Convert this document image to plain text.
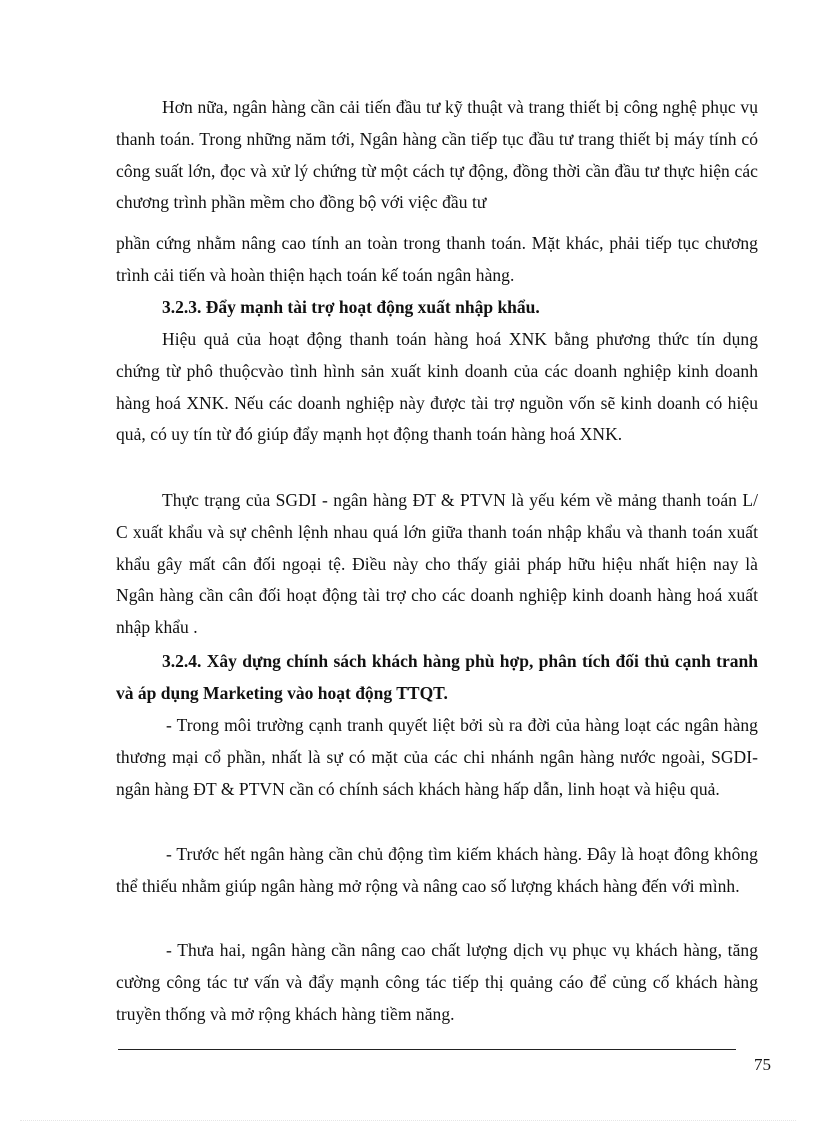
Hơn nữa, ngân hàng cần cải tiến đầu tư kỹ thuật và trang thiết bị công nghệ phục vụ thanh toán. Trong những năm tới, Ngân hàng cần tiếp tục đầu tư trang thiết bị máy tính có công suất lớn, đọc và xử lý chứng từ một cách tự động, đồng thời cần đầu tư thực hiện các chương trình phần mềm cho đồng bộ với việc đầu tư

phần cứng nhằm nâng cao tính an toàn trong thanh toán. Mặt khác, phải tiếp tục chương trình cải tiến và hoàn thiện hạch toán kế toán ngân hàng.

3.2.3. Đẩy mạnh tài trợ hoạt động xuất nhập khẩu.

Hiệu quả của hoạt động thanh toán hàng hoá XNK bằng phương thức tín dụng chứng từ phô thuộcvào tình hình sản xuất kinh doanh của các doanh nghiệp kinh doanh hàng hoá XNK. Nếu các doanh nghiệp này được tài trợ nguồn vốn sẽ kinh doanh có hiệu quả, có uy tín từ đó giúp đẩy mạnh họt động thanh toán hàng hoá XNK.

Thực trạng của SGDI - ngân hàng ĐT & PTVN là yếu kém về mảng thanh toán L/ C xuất khẩu và sự chênh lệnh nhau quá lớn giữa thanh toán nhập khẩu và thanh toán xuất khẩu gây mất cân đối ngoại tệ. Điều này cho thấy giải pháp hữu hiệu nhất hiện nay là Ngân hàng cần cân đối hoạt động tài trợ cho các doanh nghiệp kinh doanh hàng hoá xuất nhập khẩu .

3.2.4. Xây dựng chính sách khách hàng phù hợp, phân tích đối thủ cạnh tranh và áp dụng Marketing vào hoạt động TTQT.

- Trong môi trường cạnh tranh quyết liệt bởi sù ra đời của hàng loạt các ngân hàng thương mại cổ phần, nhất là sự có mặt của các chi nhánh ngân hàng nước ngoài, SGDI-ngân hàng ĐT & PTVN cần có chính sách khách hàng hấp dẫn, linh hoạt và hiệu quả.

- Trước hết ngân hàng cần chủ động tìm kiếm khách hàng. Đây là hoạt đông không thể thiếu nhằm giúp ngân hàng mở rộng và nâng cao số lượng khách hàng đến với mình.

- Thưa hai, ngân hàng cần nâng cao chất lượng dịch vụ phục vụ khách hàng, tăng cường công tác tư vấn và đẩy mạnh công tác tiếp thị quảng cáo để củng cố khách hàng truyền thống và mở rộng khách hàng tiềm năng.

75
